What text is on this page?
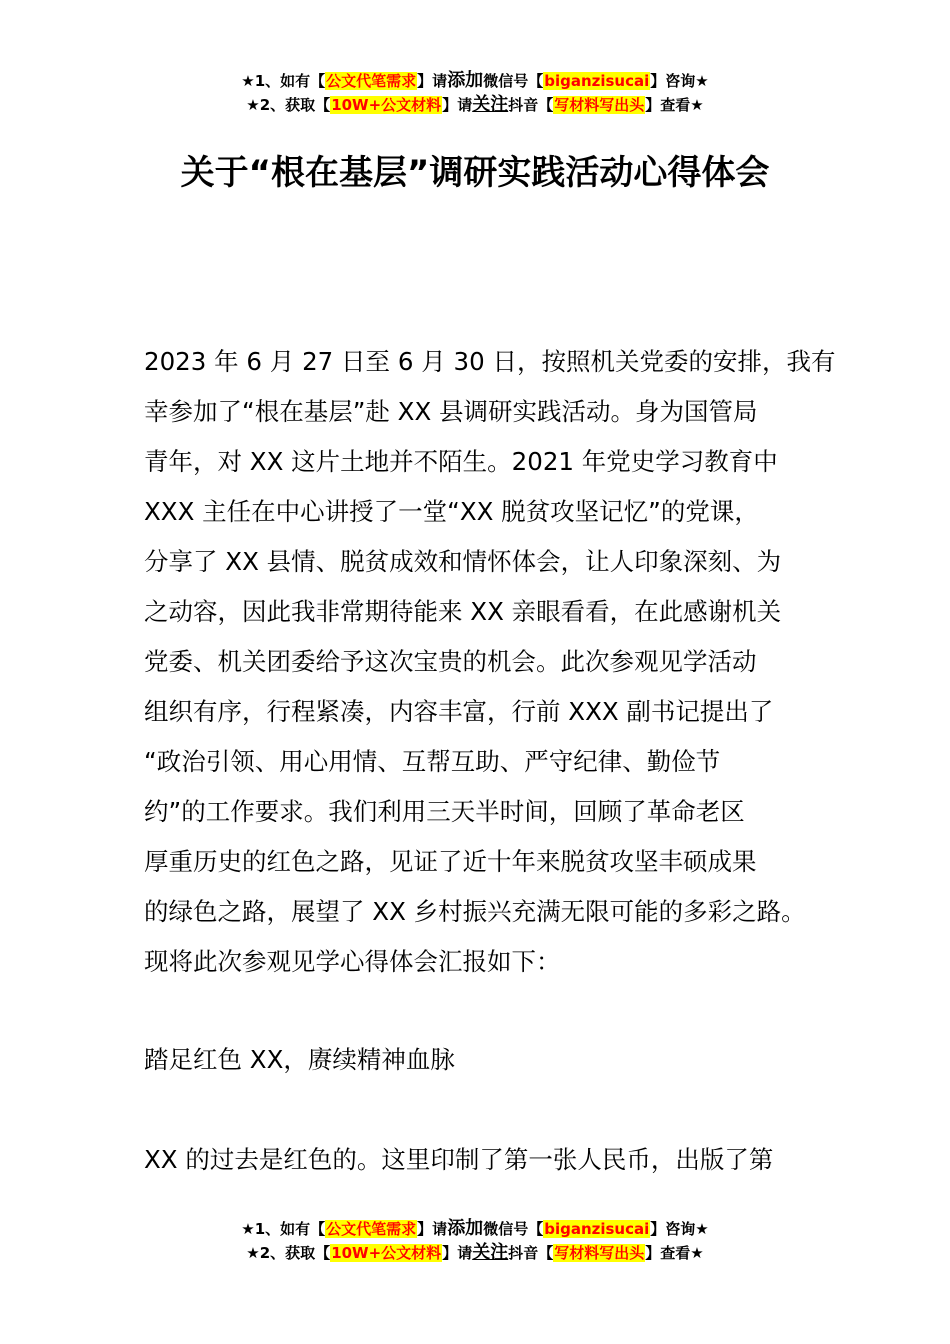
★1、如有【公文代笔需求】请添加微信号【biganzisucai】咨询★
★2、获取【10W+公文材料】请关注抖音【写材料写出头】查看★
关于“根在基层”调研实践活动心得体会
2023 年 6 月 27 日至 6 月 30 日，按照机关党委的安排，我有
幸参加了“根在基层”赴 XX 县调研实践活动。身为国管局
青年，对 XX 这片土地并不陌生。2021 年党史学习教育中
XXX 主任在中心讲授了一堂“XX 脱贫攻坚记忆”的党课，
分享了 XX 县情、脱贫成效和情怀体会，让人印象深刻、为
之动容，因此我非常期待能来 XX 亲眼看看，在此感谢机关
党委、机关团委给予这次宝贵的机会。此次参观见学活动
组织有序，行程紧凑，内容丰富，行前 XXX 副书记提出了
“政治引领、用心用情、互帮互助、严守纪律、勤俭节
约”的工作要求。我们利用三天半时间，回顾了革命老区
厚重历史的红色之路，见证了近十年来脱贫攻坚丰硕成果
的绿色之路，展望了 XX 乡村振兴充满无限可能的多彩之路。
现将此次参观见学心得体会汇报如下：
踏足红色 XX，赓续精神血脉
XX 的过去是红色的。这里印制了第一张人民币，出版了第
★1、如有【公文代笔需求】请添加微信号【biganzisucai】咨询★
★2、获取【10W+公文材料】请关注抖音【写材料写出头】查看★
